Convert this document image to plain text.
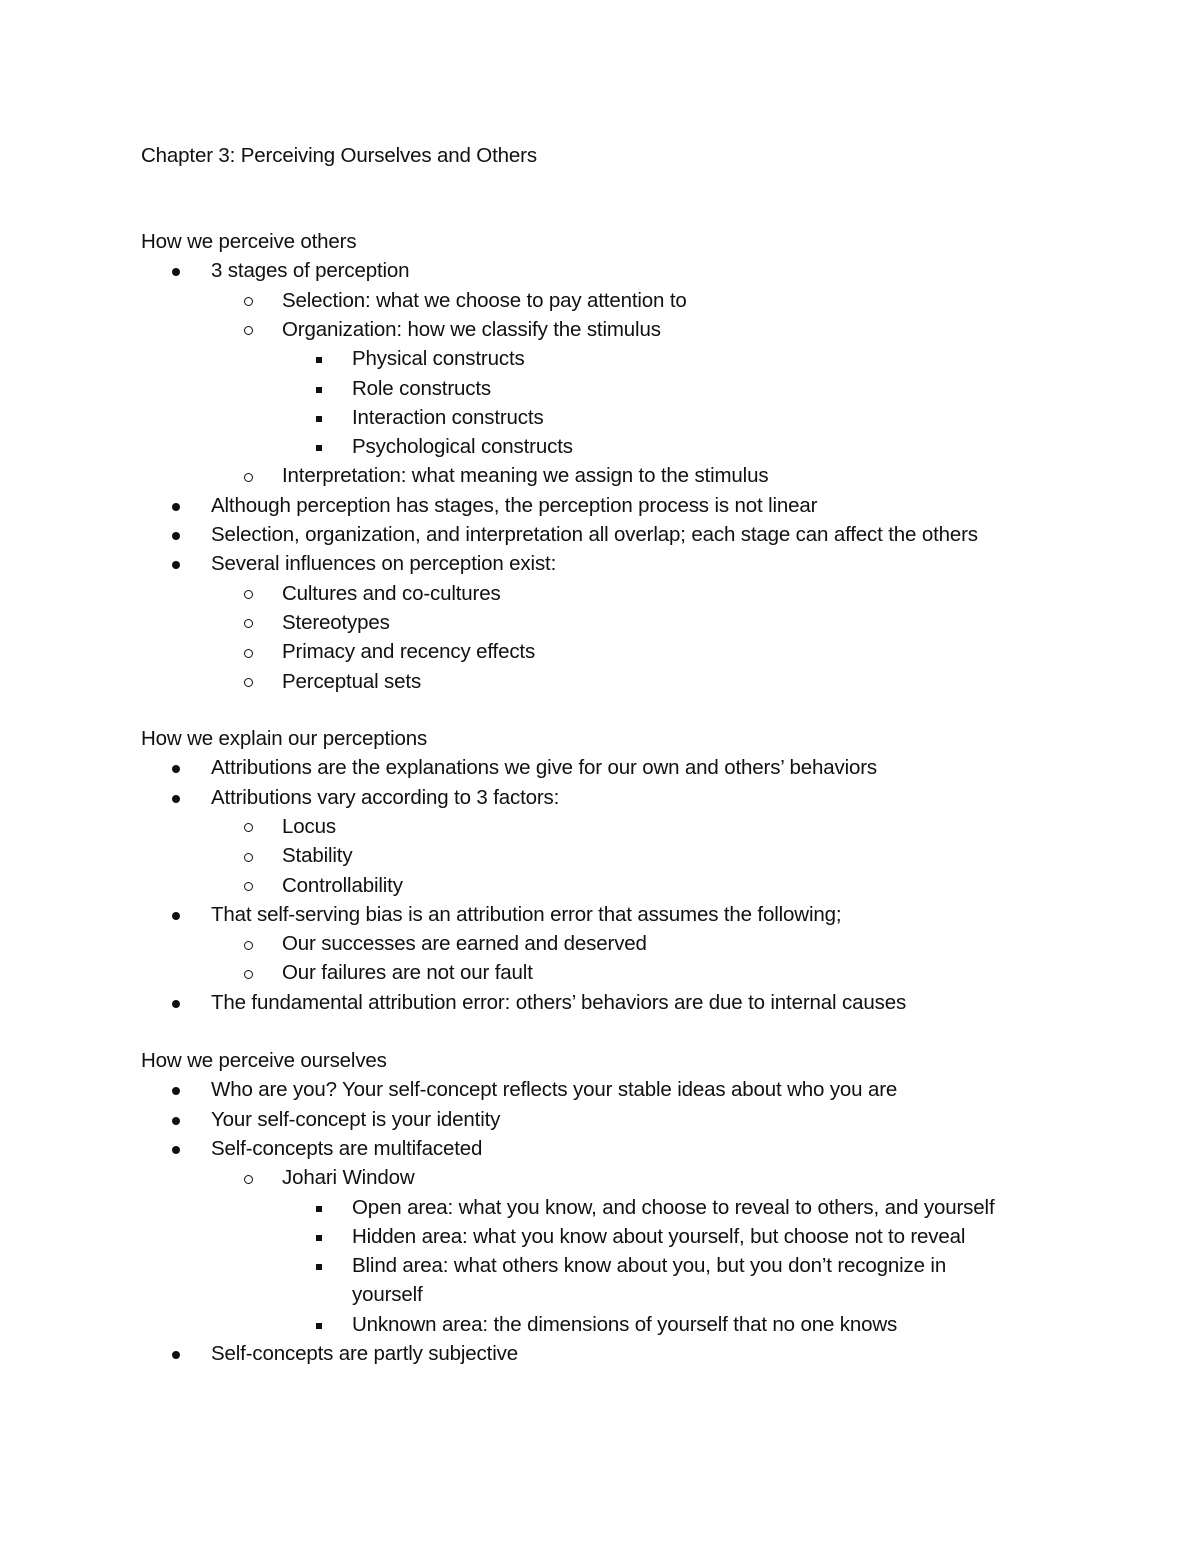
Chapter 3: Perceiving Ourselves and Others
How we perceive others
3 stages of perception
Selection: what we choose to pay attention to
Organization: how we classify the stimulus
Physical constructs
Role constructs
Interaction constructs
Psychological constructs
Interpretation: what meaning we assign to the stimulus
Although perception has stages, the perception process is not linear
Selection, organization, and interpretation all overlap; each stage can affect the others
Several influences on perception exist:
Cultures and co-cultures
Stereotypes
Primacy and recency effects
Perceptual sets
How we explain our perceptions
Attributions are the explanations we give for our own and others’ behaviors
Attributions vary according to 3 factors:
Locus
Stability
Controllability
That self-serving bias is an attribution error that assumes the following;
Our successes are earned and deserved
Our failures are not our fault
The fundamental attribution error: others’ behaviors are due to internal causes
How we perceive ourselves
Who are you? Your self-concept reflects your stable ideas about who you are
Your self-concept is your identity
Self-concepts are multifaceted
Johari Window
Open area: what you know, and choose to reveal to others, and yourself
Hidden area: what you know about yourself, but choose not to reveal
Blind area: what others know about you, but you don’t recognize in
yourself
Unknown area: the dimensions of yourself that no one knows
Self-concepts are partly subjective
